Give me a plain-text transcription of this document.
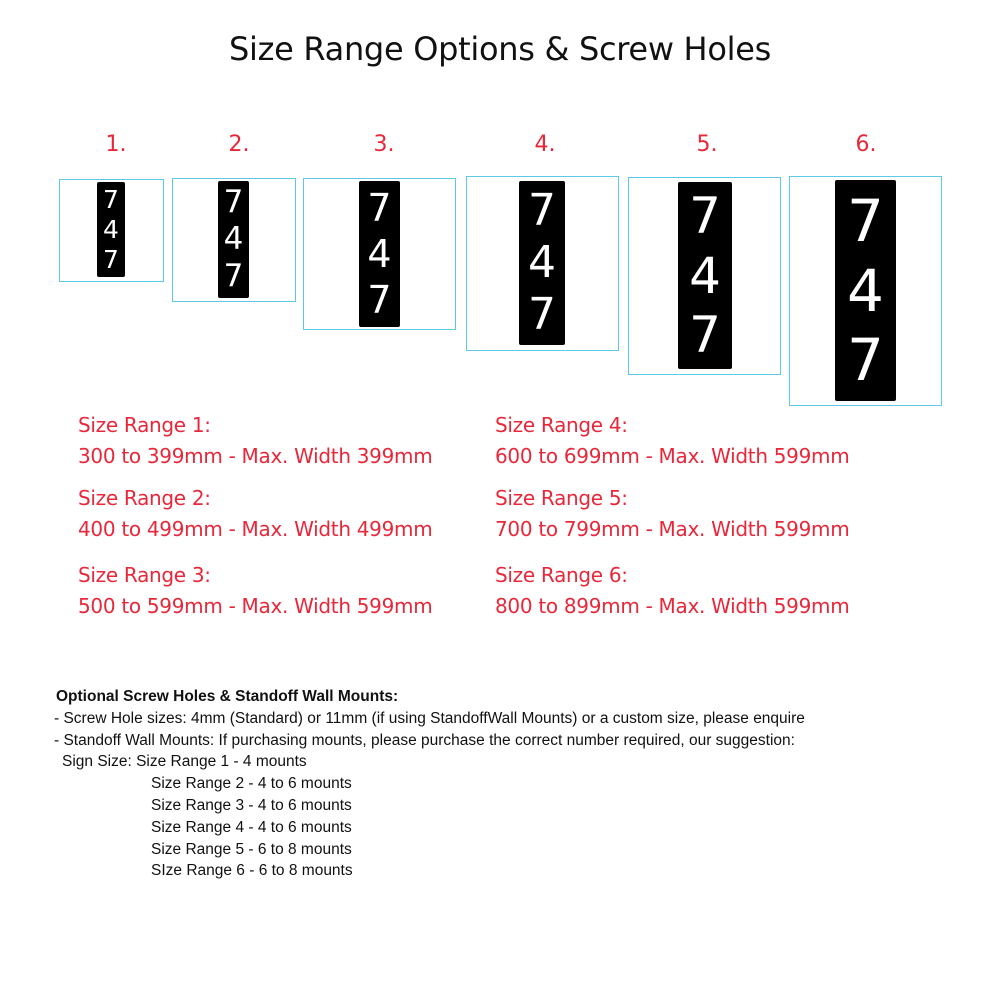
Size Range Options & Screw Holes
1.	2.	3.	4.	5.	6.
7
4
7
7
4
7
7
4
7
7
4
7
7
4
7
7
4
7
Size Range 1:
300 to 399mm - Max. Width 399mm
Size Range 2:
400 to 499mm - Max. Width 499mm
Size Range 3:
500 to 599mm - Max. Width 599mm
Size Range 4:
600 to 699mm - Max. Width 599mm
Size Range 5:
700 to 799mm - Max. Width 599mm
Size Range 6:
800 to 899mm - Max. Width 599mm
Optional Screw Holes & Standoff Wall Mounts:
- Screw Hole sizes: 4mm (Standard) or 11mm (if using StandoffWall Mounts) or a custom size, please enquire
- Standoff Wall Mounts: If purchasing mounts, please purchase the correct number required, our suggestion:
Sign Size: Size Range 1 - 4 mounts
Size Range 2 - 4 to 6 mounts
Size Range 3 - 4 to 6 mounts
Size Range 4 - 4 to 6 mounts
Size Range 5 - 6 to 8 mounts
SIze Range 6 - 6 to 8 mounts
